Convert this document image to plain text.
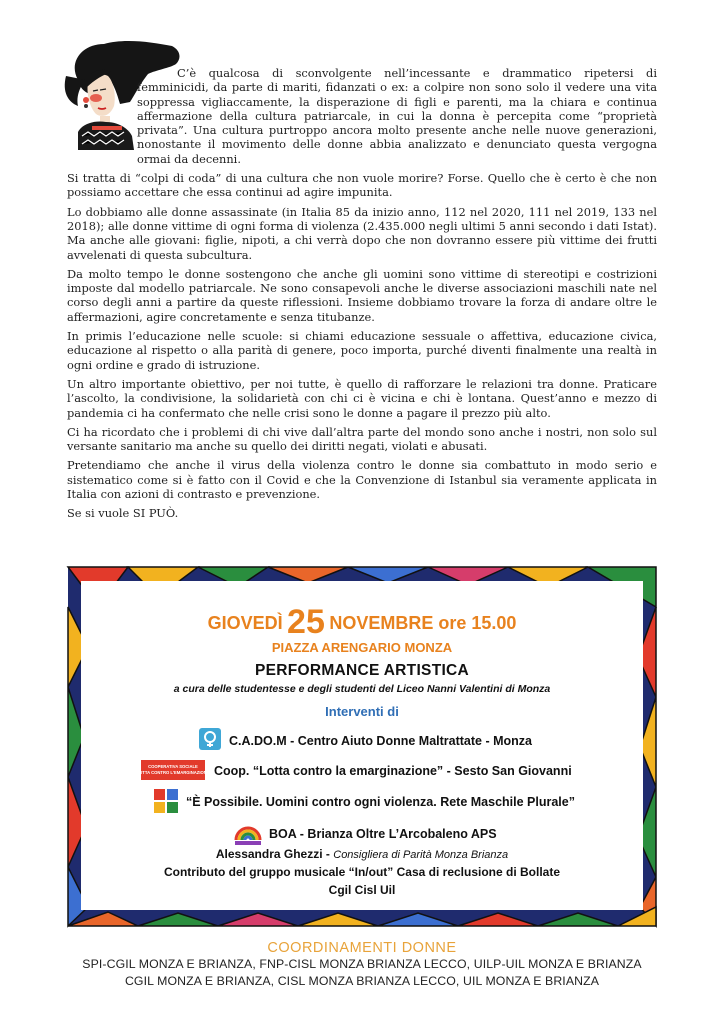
C’è qualcosa di sconvolgente nell’incessante e drammatico ripetersi di femminicidi, da parte di mariti, fidanzati o ex: a colpire non sono solo il vedere una vita soppressa vigliaccamente, la disperazione di figli e parenti, ma la chiara e continua affermazione della cultura patriarcale, in cui la donna è percepita come “proprietà privata”. Una cultura purtroppo ancora molto presente anche nelle nuove generazioni, nonostante il movimento delle donne abbia analizzato e denunciato questa vergogna ormai da decenni.

Si tratta di “colpi di coda” di una cultura che non vuole morire? Forse. Quello che è certo è che non possiamo accettare che essa continui ad agire impunita.

Lo dobbiamo alle donne assassinate (in Italia 85 da inizio anno, 112 nel 2020, 111 nel 2019, 133 nel 2018); alle donne vittime di ogni forma di violenza (2.435.000 negli ultimi 5 anni secondo i dati Istat). Ma anche alle giovani: figlie, nipoti, a chi verrà dopo che non dovranno essere più vittime dei frutti avvelenati di questa subcultura.

Da molto tempo le donne sostengono che anche gli uomini sono vittime di stereotipi e costrizioni imposte dal modello patriarcale. Ne sono consapevoli anche le diverse associazioni maschili nate nel corso degli anni a partire da queste riflessioni. Insieme dobbiamo trovare la forza di andare oltre le affermazioni, agire concretamente e senza titubanze.

In primis l’educazione nelle scuole: si chiami educazione sessuale o affettiva, educazione civica, educazione al rispetto o alla parità di genere, poco importa, purché diventi finalmente una realtà in ogni ordine e grado di istruzione.

Un altro importante obiettivo, per noi tutte, è quello di rafforzare le relazioni tra donne. Praticare l’ascolto, la condivisione, la solidarietà con chi ci è vicina e chi è lontana. Quest’anno e mezzo di pandemia ci ha confermato che nelle crisi sono le donne a pagare il prezzo più alto.

Ci ha ricordato che i problemi di chi vive dall’altra parte del mondo sono anche i nostri, non solo sul versante sanitario ma anche su quello dei diritti negati, violati e abusati.

Pretendiamo che anche il virus della violenza contro le donne sia combattuto in modo serio e sistematico come si è fatto con il Covid e che la Convenzione di Istanbul sia veramente applicata in Italia con azioni di contrasto e prevenzione.

Se si vuole SI PUÒ.

GIOVEDÌ 25 NOVEMBRE ore 15.00
PIAZZA ARENGARIO MONZA
PERFORMANCE ARTISTICA
a cura delle studentesse e degli studenti del Liceo Nanni Valentini di Monza
Interventi di
C.A.DO.M - Centro Aiuto Donne Maltrattate - Monza
COOPERATIVA SOCIALE
LOTTA CONTRO L'EMARGINAZIONE Coop. “Lotta contro la emarginazione” - Sesto San Giovanni
“È Possibile. Uomini contro ogni violenza. Rete Maschile Plurale”
BOA - Brianza Oltre L’Arcobaleno APS
Alessandra Ghezzi - Consigliera di Parità Monza Brianza
Contributo del gruppo musicale “In/out” Casa di reclusione di Bollate
Cgil Cisl Uil
COORDINAMENTI DONNE
SPI-CGIL MONZA E BRIANZA, FNP-CISL MONZA BRIANZA LECCO, UILP-UIL MONZA E BRIANZA
CGIL MONZA E BRIANZA, CISL MONZA BRIANZA LECCO, UIL MONZA E BRIANZA
